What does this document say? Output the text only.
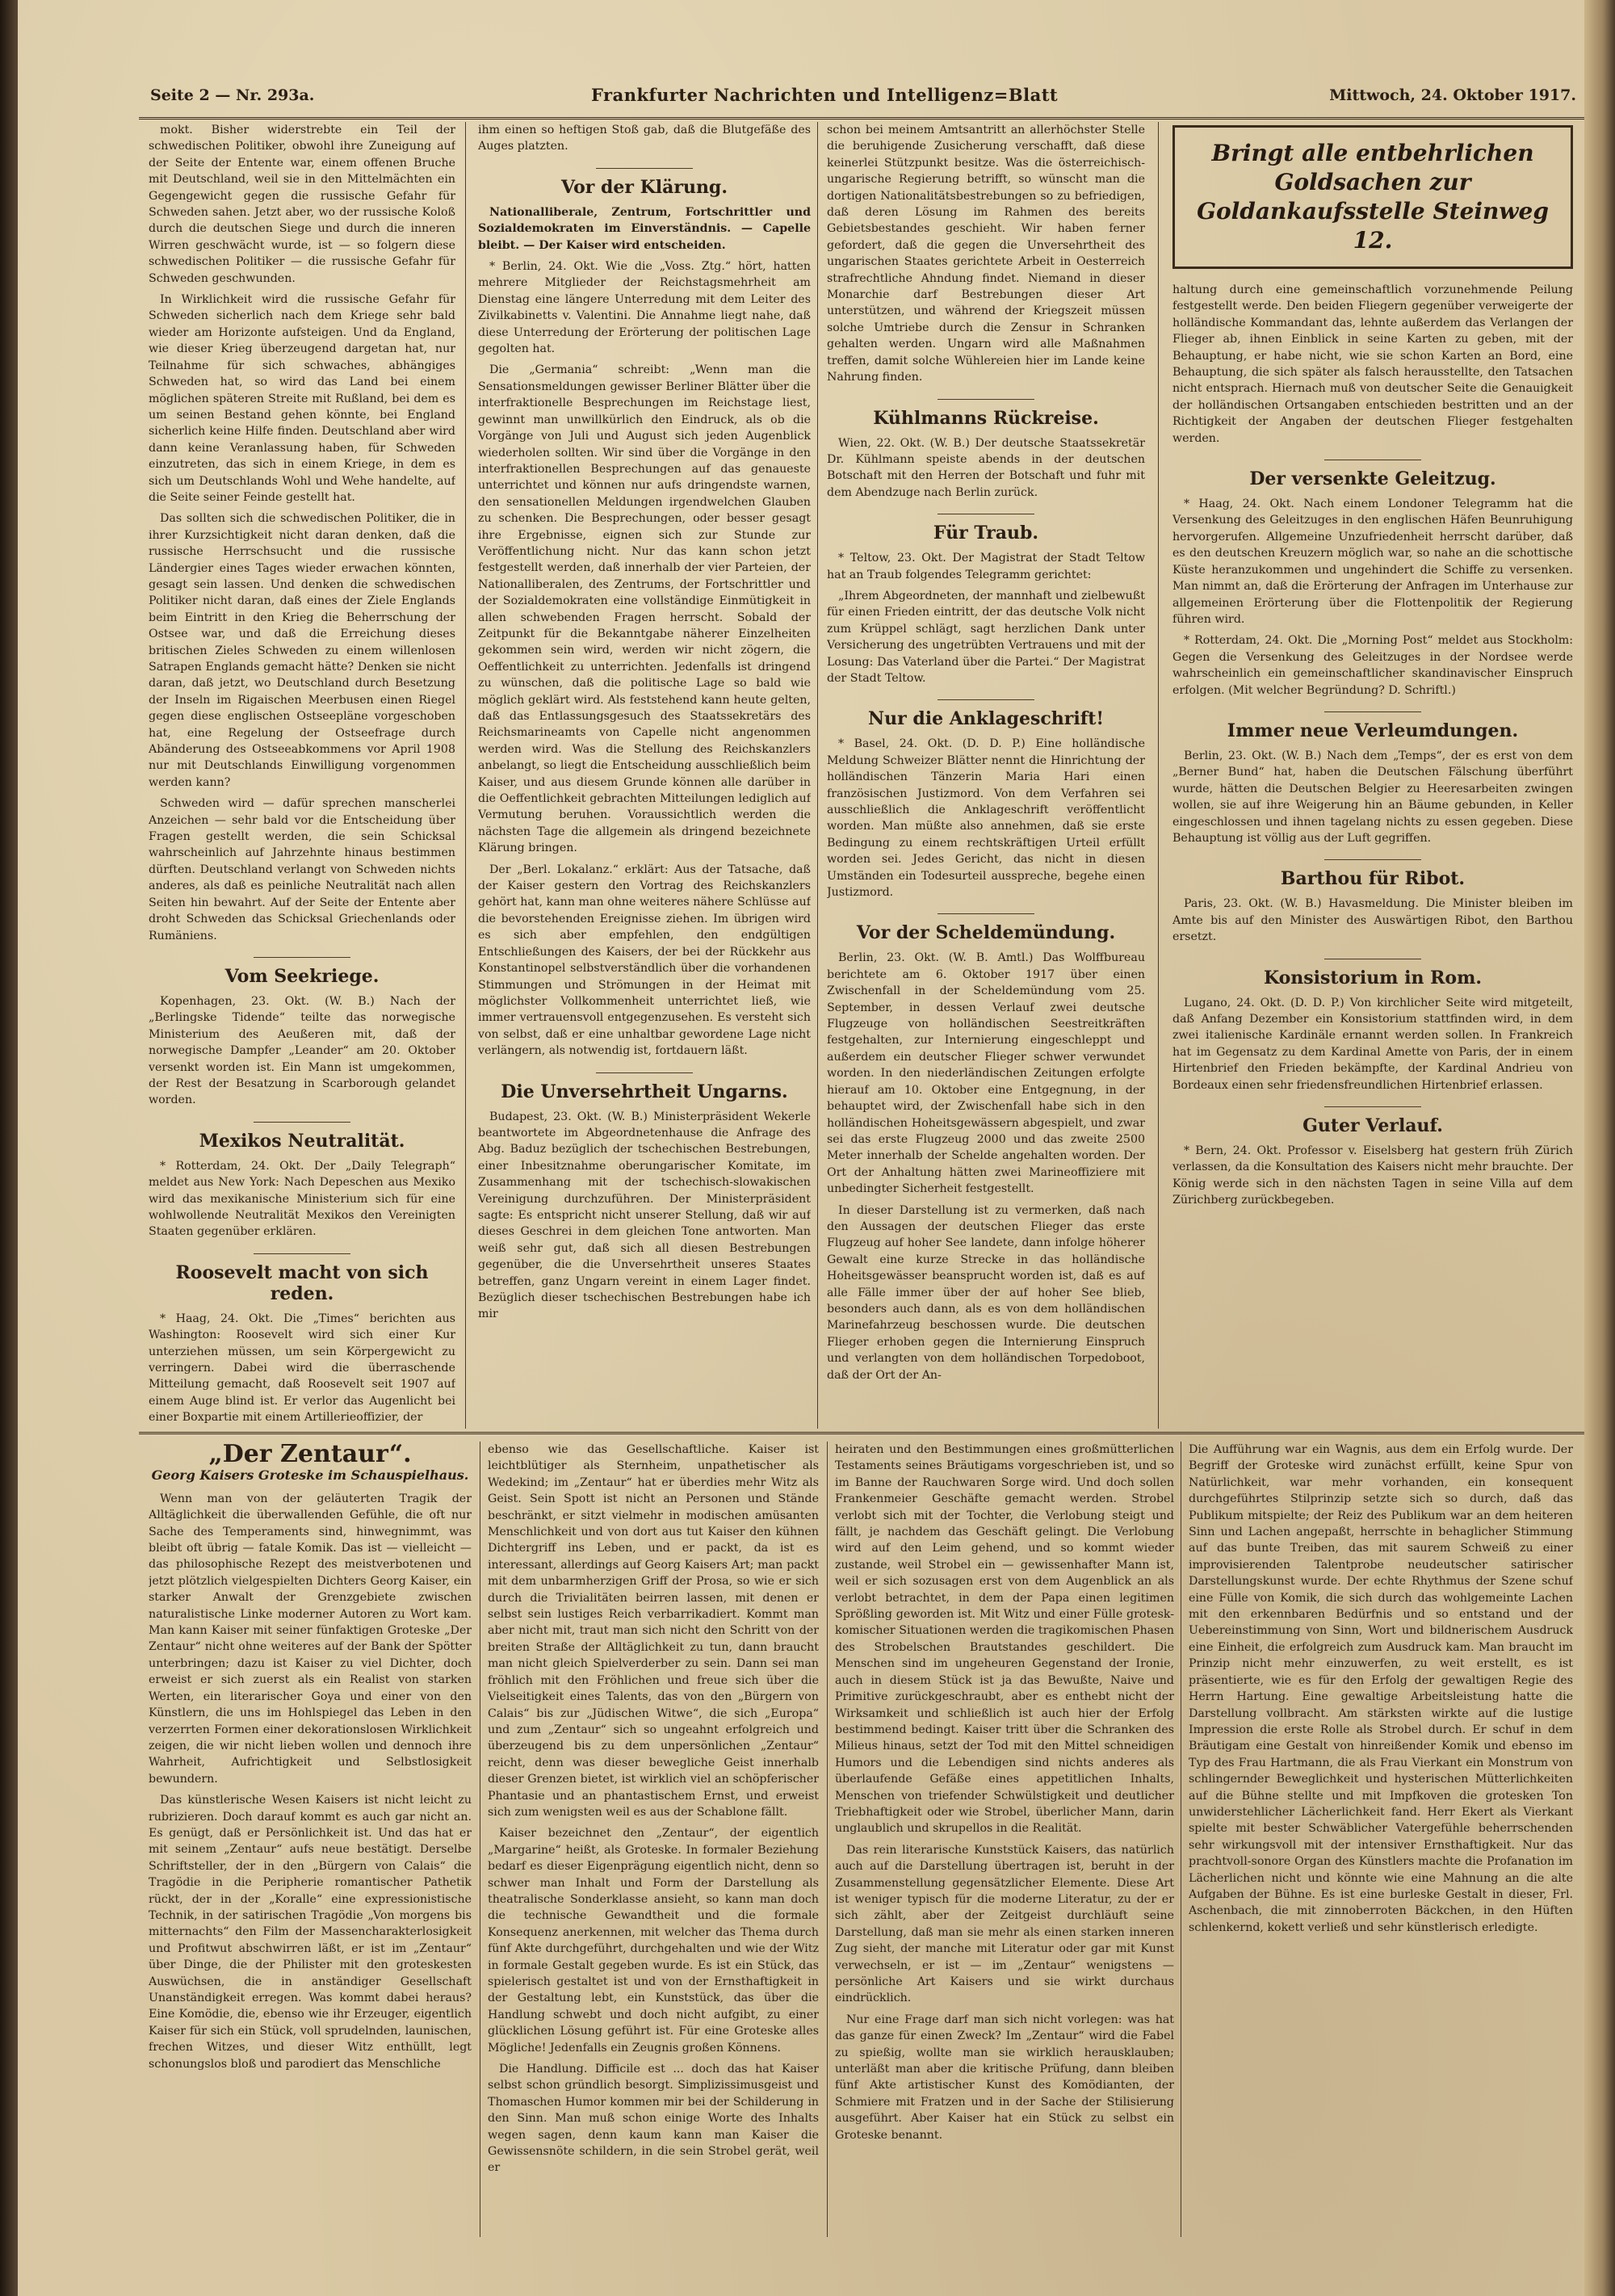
Seite 2 — Nr. 293a.	Frankfurter Nachrichten und Intelligenz=Blatt	Mittwoch, 24. Oktober 1917.

mokt. Bisher widerstrebte ein Teil der schwedischen Politiker, obwohl ihre Zuneigung auf der Seite der Entente war, einem offenen Bruche mit Deutschland, weil sie in den Mittelmächten ein Gegengewicht gegen die russische Gefahr für Schweden sahen. Jetzt aber, wo der russische Koloß durch die deutschen Siege und durch die inneren Wirren geschwächt wurde, ist — so folgern diese schwedischen Politiker — die russische Gefahr für Schweden geschwunden.

In Wirklichkeit wird die russische Gefahr für Schweden sicherlich nach dem Kriege sehr bald wieder am Horizonte aufsteigen. Und da England, wie dieser Krieg überzeugend dargetan hat, nur Teilnahme für sich schwaches, abhängiges Schweden hat, so wird das Land bei einem möglichen späteren Streite mit Rußland, bei dem es um seinen Bestand gehen könnte, bei England sicherlich keine Hilfe finden. Deutschland aber wird dann keine Veranlassung haben, für Schweden einzutreten, das sich in einem Kriege, in dem es sich um Deutschlands Wohl und Wehe handelte, auf die Seite seiner Feinde gestellt hat.

Das sollten sich die schwedischen Politiker, die in ihrer Kurzsichtigkeit nicht daran denken, daß die russische Herrschsucht und die russische Ländergier eines Tages wieder erwachen könnten, gesagt sein lassen. Und denken die schwedischen Politiker nicht daran, daß eines der Ziele Englands beim Eintritt in den Krieg die Beherrschung der Ostsee war, und daß die Erreichung dieses britischen Zieles Schweden zu einem willenlosen Satrapen Englands gemacht hätte? Denken sie nicht daran, daß jetzt, wo Deutschland durch Besetzung der Inseln im Rigaischen Meerbusen einen Riegel gegen diese englischen Ostseepläne vorgeschoben hat, eine Regelung der Ostseefrage durch Abänderung des Ostseeabkommens vor April 1908 nur mit Deutschlands Einwilligung vorgenommen werden kann?

Schweden wird — dafür sprechen manscherlei Anzeichen — sehr bald vor die Entscheidung über Fragen gestellt werden, die sein Schicksal wahrscheinlich auf Jahrzehnte hinaus bestimmen dürften. Deutschland verlangt von Schweden nichts anderes, als daß es peinliche Neutralität nach allen Seiten hin bewahrt. Auf der Seite der Entente aber droht Schweden das Schicksal Griechenlands oder Rumäniens.

Vom Seekriege.

Kopenhagen, 23. Okt. (W. B.) Nach der „Berlingske Tidende“ teilte das norwegische Ministerium des Aeußeren mit, daß der norwegische Dampfer „Leander“ am 20. Oktober versenkt worden ist. Ein Mann ist umgekommen, der Rest der Besatzung in Scarborough gelandet worden.

Mexikos Neutralität.

* Rotterdam, 24. Okt. Der „Daily Telegraph“ meldet aus New York: Nach Depeschen aus Mexiko wird das mexikanische Ministerium sich für eine wohlwollende Neutralität Mexikos den Vereinigten Staaten gegenüber erklären.

Roosevelt macht von sich reden.

* Haag, 24. Okt. Die „Times“ berichten aus Washington: Roosevelt wird sich einer Kur unterziehen müssen, um sein Körpergewicht zu verringern. Dabei wird die überraschende Mitteilung gemacht, daß Roosevelt seit 1907 auf einem Auge blind ist. Er verlor das Augenlicht bei einer Boxpartie mit einem Artillerieoffizier, der

ihm einen so heftigen Stoß gab, daß die Blutgefäße des Auges platzten.

Vor der Klärung.

Nationalliberale, Zentrum, Fortschrittler und Sozialdemokraten im Einverständnis. — Capelle bleibt. — Der Kaiser wird entscheiden.

* Berlin, 24. Okt. Wie die „Voss. Ztg.“ hört, hatten mehrere Mitglieder der Reichstagsmehrheit am Dienstag eine längere Unterredung mit dem Leiter des Zivilkabinetts v. Valentini. Die Annahme liegt nahe, daß diese Unterredung der Erörterung der politischen Lage gegolten hat.

Die „Germania“ schreibt: „Wenn man die Sensationsmeldungen gewisser Berliner Blätter über die interfraktionelle Besprechungen im Reichstage liest, gewinnt man unwillkürlich den Eindruck, als ob die Vorgänge von Juli und August sich jeden Augenblick wiederholen sollten. Wir sind über die Vorgänge in den interfraktionellen Besprechungen auf das genaueste unterrichtet und können nur aufs dringendste warnen, den sensationellen Meldungen irgendwelchen Glauben zu schenken. Die Besprechungen, oder besser gesagt ihre Ergebnisse, eignen sich zur Stunde zur Veröffentlichung nicht. Nur das kann schon jetzt festgestellt werden, daß innerhalb der vier Parteien, der Nationalliberalen, des Zentrums, der Fortschrittler und der Sozialdemokraten eine vollständige Einmütigkeit in allen schwebenden Fragen herrscht. Sobald der Zeitpunkt für die Bekanntgabe näherer Einzelheiten gekommen sein wird, werden wir nicht zögern, die Oeffentlichkeit zu unterrichten. Jedenfalls ist dringend zu wünschen, daß die politische Lage so bald wie möglich geklärt wird. Als feststehend kann heute gelten, daß das Entlassungsgesuch des Staatssekretärs des Reichsmarineamts von Capelle nicht angenommen werden wird. Was die Stellung des Reichskanzlers anbelangt, so liegt die Entscheidung ausschließlich beim Kaiser, und aus diesem Grunde können alle darüber in die Oeffentlichkeit gebrachten Mitteilungen lediglich auf Vermutung beruhen. Voraussichtlich werden die nächsten Tage die allgemein als dringend bezeichnete Klärung bringen.

Der „Berl. Lokalanz.“ erklärt: Aus der Tatsache, daß der Kaiser gestern den Vortrag des Reichskanzlers gehört hat, kann man ohne weiteres nähere Schlüsse auf die bevorstehenden Ereignisse ziehen. Im übrigen wird es sich aber empfehlen, den endgültigen Entschließungen des Kaisers, der bei der Rückkehr aus Konstantinopel selbstverständlich über die vorhandenen Stimmungen und Strömungen in der Heimat mit möglichster Vollkommenheit unterrichtet ließ, wie immer vertrauensvoll entgegenzusehen. Es versteht sich von selbst, daß er eine unhaltbar gewordene Lage nicht verlängern, als notwendig ist, fortdauern läßt.

Die Unversehrtheit Ungarns.

Budapest, 23. Okt. (W. B.) Ministerpräsident Wekerle beantwortete im Abgeordnetenhause die Anfrage des Abg. Baduz bezüglich der tschechischen Bestrebungen, einer Inbesitznahme oberungarischer Komitate, im Zusammenhang mit der tschechisch-slowakischen Vereinigung durchzuführen. Der Ministerpräsident sagte: Es entspricht nicht unserer Stellung, daß wir auf dieses Geschrei in dem gleichen Tone antworten. Man weiß sehr gut, daß sich all diesen Bestrebungen gegenüber, die die Unversehrtheit unseres Staates betreffen, ganz Ungarn vereint in einem Lager findet. Bezüglich dieser tschechischen Bestrebungen habe ich mir

schon bei meinem Amtsantritt an allerhöchster Stelle die beruhigende Zusicherung verschafft, daß diese keinerlei Stützpunkt besitze. Was die österreichisch-ungarische Regierung betrifft, so wünscht man die dortigen Nationalitätsbestrebungen so zu befriedigen, daß deren Lösung im Rahmen des bereits Gebietsbestandes geschieht. Wir haben ferner gefordert, daß die gegen die Unversehrtheit des ungarischen Staates gerichtete Arbeit in Oesterreich strafrechtliche Ahndung findet. Niemand in dieser Monarchie darf Bestrebungen dieser Art unterstützen, und während der Kriegszeit müssen solche Umtriebe durch die Zensur in Schranken gehalten werden. Ungarn wird alle Maßnahmen treffen, damit solche Wühlereien hier im Lande keine Nahrung finden.

Kühlmanns Rückreise.

Wien, 22. Okt. (W. B.) Der deutsche Staatssekretär Dr. Kühlmann speiste abends in der deutschen Botschaft mit den Herren der Botschaft und fuhr mit dem Abendzuge nach Berlin zurück.

Für Traub.

* Teltow, 23. Okt. Der Magistrat der Stadt Teltow hat an Traub folgendes Telegramm gerichtet:

„Ihrem Abgeordneten, der mannhaft und zielbewußt für einen Frieden eintritt, der das deutsche Volk nicht zum Krüppel schlägt, sagt herzlichen Dank unter Versicherung des ungetrübten Vertrauens und mit der Losung: Das Vaterland über die Partei.“ Der Magistrat der Stadt Teltow.

Nur die Anklageschrift!

* Basel, 24. Okt. (D. D. P.) Eine holländische Meldung Schweizer Blätter nennt die Hinrichtung der holländischen Tänzerin Maria Hari einen französischen Justizmord. Von dem Verfahren sei ausschließlich die Anklageschrift veröffentlicht worden. Man müßte also annehmen, daß sie erste Bedingung zu einem rechtskräftigen Urteil erfüllt worden sei. Jedes Gericht, das nicht in diesen Umständen ein Todesurteil ausspreche, begehe einen Justizmord.

Vor der Scheldemündung.

Berlin, 23. Okt. (W. B. Amtl.) Das Wolffbureau berichtete am 6. Oktober 1917 über einen Zwischenfall in der Scheldemündung vom 25. September, in dessen Verlauf zwei deutsche Flugzeuge von holländischen Seestreitkräften festgehalten, zur Internierung eingeschleppt und außerdem ein deutscher Flieger schwer verwundet worden. In den niederländischen Zeitungen erfolgte hierauf am 10. Oktober eine Entgegnung, in der behauptet wird, der Zwischenfall habe sich in den holländischen Hoheitsgewässern abgespielt, und zwar sei das erste Flugzeug 2000 und das zweite 2500 Meter innerhalb der Schelde angehalten worden. Der Ort der Anhaltung hätten zwei Marineoffiziere mit unbedingter Sicherheit festgestellt.

In dieser Darstellung ist zu vermerken, daß nach den Aussagen der deutschen Flieger das erste Flugzeug auf hoher See landete, dann infolge höherer Gewalt eine kurze Strecke in das holländische Hoheitsgewässer beansprucht worden ist, daß es auf alle Fälle immer über der auf hoher See blieb, besonders auch dann, als es von dem holländischen Marinefahrzeug beschossen wurde. Die deutschen Flieger erhoben gegen die Internierung Einspruch und verlangten von dem holländischen Torpedoboot, daß der Ort der An-

Bringt alle entbehrlichen Goldsachen zur Goldankaufsstelle Steinweg 12.

haltung durch eine gemeinschaftlich vorzunehmende Peilung festgestellt werde. Den beiden Fliegern gegenüber verweigerte der holländische Kommandant das, lehnte außerdem das Verlangen der Flieger ab, ihnen Einblick in seine Karten zu geben, mit der Behauptung, er habe nicht, wie sie schon Karten an Bord, eine Behauptung, die sich später als falsch herausstellte, den Tatsachen nicht entsprach. Hiernach muß von deutscher Seite die Genauigkeit der holländischen Ortsangaben entschieden bestritten und an der Richtigkeit der Angaben der deutschen Flieger festgehalten werden.

Der versenkte Geleitzug.

* Haag, 24. Okt. Nach einem Londoner Telegramm hat die Versenkung des Geleitzuges in den englischen Häfen Beunruhigung hervorgerufen. Allgemeine Unzufriedenheit herrscht darüber, daß es den deutschen Kreuzern möglich war, so nahe an die schottische Küste heranzukommen und ungehindert die Schiffe zu versenken. Man nimmt an, daß die Erörterung der Anfragen im Unterhause zur allgemeinen Erörterung über die Flottenpolitik der Regierung führen wird.

* Rotterdam, 24. Okt. Die „Morning Post“ meldet aus Stockholm: Gegen die Versenkung des Geleitzuges in der Nordsee werde wahrscheinlich ein gemeinschaftlicher skandinavischer Einspruch erfolgen. (Mit welcher Begründung? D. Schriftl.)

Immer neue Verleumdungen.

Berlin, 23. Okt. (W. B.) Nach dem „Temps“, der es erst von dem „Berner Bund“ hat, haben die Deutschen Fälschung überführt wurde, hätten die Deutschen Belgier zu Heeresarbeiten zwingen wollen, sie auf ihre Weigerung hin an Bäume gebunden, in Keller eingeschlossen und ihnen tagelang nichts zu essen gegeben. Diese Behauptung ist völlig aus der Luft gegriffen.

Barthou für Ribot.

Paris, 23. Okt. (W. B.) Havasmeldung. Die Minister bleiben im Amte bis auf den Minister des Auswärtigen Ribot, den Barthou ersetzt.

Konsistorium in Rom.

Lugano, 24. Okt. (D. D. P.) Von kirchlicher Seite wird mitgeteilt, daß Anfang Dezember ein Konsistorium stattfinden wird, in dem zwei italienische Kardinäle ernannt werden sollen. In Frankreich hat im Gegensatz zu dem Kardinal Amette von Paris, der in einem Hirtenbrief den Frieden bekämpfte, der Kardinal Andrieu von Bordeaux einen sehr friedensfreundlichen Hirtenbrief erlassen.

Guter Verlauf.

* Bern, 24. Okt. Professor v. Eiselsberg hat gestern früh Zürich verlassen, da die Konsultation des Kaisers nicht mehr brauchte. Der König werde sich in den nächsten Tagen in seine Villa auf dem Zürichberg zurückbegeben.

„Der Zentaur“.
Georg Kaisers Groteske im Schauspielhaus.

Wenn man von der geläuterten Tragik der Alltäglichkeit die überwallenden Gefühle, die oft nur Sache des Temperaments sind, hinwegnimmt, was bleibt oft übrig — fatale Komik. Das ist — vielleicht — das philosophische Rezept des meistverbotenen und jetzt plötzlich vielgespielten Dichters Georg Kaiser, ein starker Anwalt der Grenzgebiete zwischen naturalistische Linke moderner Autoren zu Wort kam. Man kann Kaiser mit seiner fünfaktigen Groteske „Der Zentaur“ nicht ohne weiteres auf der Bank der Spötter unterbringen; dazu ist Kaiser zu viel Dichter, doch erweist er sich zuerst als ein Realist von starken Werten, ein literarischer Goya und einer von den Künstlern, die uns im Hohlspiegel das Leben in den verzerrten Formen einer dekorationslosen Wirklichkeit zeigen, die wir nicht lieben wollen und dennoch ihre Wahrheit, Aufrichtigkeit und Selbstlosigkeit bewundern.

Das künstlerische Wesen Kaisers ist nicht leicht zu rubrizieren. Doch darauf kommt es auch gar nicht an. Es genügt, daß er Persönlichkeit ist. Und das hat er mit seinem „Zentaur“ aufs neue bestätigt. Derselbe Schriftsteller, der in den „Bürgern von Calais“ die Tragödie in die Peripherie romantischer Pathetik rückt, der in der „Koralle“ eine expressionistische Technik, in der satirischen Tragödie „Von morgens bis mitternachts“ den Film der Massencharakterlosigkeit und Profitwut abschwirren läßt, er ist im „Zentaur“ über Dinge, die der Philister mit den groteskesten Auswüchsen, die in anständiger Gesellschaft Unanständigkeit erregen. Was kommt dabei heraus? Eine Komödie, die, ebenso wie ihr Erzeuger, eigentlich Kaiser für sich ein Stück, voll sprudelnden, launischen, frechen Witzes, und dieser Witz enthüllt, legt schonungslos bloß und parodiert das Menschliche

ebenso wie das Gesellschaftliche. Kaiser ist leichtblütiger als Sternheim, unpathetischer als Wedekind; im „Zentaur“ hat er überdies mehr Witz als Geist. Sein Spott ist nicht an Personen und Stände beschränkt, er sitzt vielmehr in modischen amüsanten Menschlichkeit und von dort aus tut Kaiser den kühnen Dichtergriff ins Leben, und er packt, da ist es interessant, allerdings auf Georg Kaisers Art; man packt mit dem unbarmherzigen Griff der Prosa, so wie er sich durch die Trivialitäten beirren lassen, mit denen er selbst sein lustiges Reich verbarrikadiert. Kommt man aber nicht mit, traut man sich nicht den Schritt von der breiten Straße der Alltäglichkeit zu tun, dann braucht man nicht gleich Spielverderber zu sein. Dann sei man fröhlich mit den Fröhlichen und freue sich über die Vielseitigkeit eines Talents, das von den „Bürgern von Calais“ bis zur „Jüdischen Witwe“, die sich „Europa“ und zum „Zentaur“ sich so ungeahnt erfolgreich und überzeugend bis zu dem unpersönlichen „Zentaur“ reicht, denn was dieser bewegliche Geist innerhalb dieser Grenzen bietet, ist wirklich viel an schöpferischer Phantasie und an phantastischem Ernst, und erweist sich zum wenigsten weil es aus der Schablone fällt.

Kaiser bezeichnet den „Zentaur“, der eigentlich „Margarine“ heißt, als Groteske. In formaler Beziehung bedarf es dieser Eigenprägung eigentlich nicht, denn so schwer man Inhalt und Form der Darstellung als theatralische Sonderklasse ansieht, so kann man doch die technische Gewandtheit und die formale Konsequenz anerkennen, mit welcher das Thema durch fünf Akte durchgeführt, durchgehalten und wie der Witz in formale Gestalt gegeben wurde. Es ist ein Stück, das spielerisch gestaltet ist und von der Ernsthaftigkeit in der Gestaltung lebt, ein Kunststück, das über die Handlung schwebt und doch nicht aufgibt, zu einer glücklichen Lösung geführt ist. Für eine Groteske alles Mögliche! Jedenfalls ein Zeugnis großen Könnens.

Die Handlung. Difficile est ... doch das hat Kaiser selbst schon gründlich besorgt. Simplizissimusgeist und Thomaschen Humor kommen mir bei der Schilderung in den Sinn. Man muß schon einige Worte des Inhalts wegen sagen, denn kaum kann man Kaiser die Gewissensnöte schildern, in die sein Strobel gerät, weil er

heiraten und den Bestimmungen eines großmütterlichen Testaments seines Bräutigams vorgeschrieben ist, und so im Banne der Rauchwaren Sorge wird. Und doch sollen Frankenmeier Geschäfte gemacht werden. Strobel verlobt sich mit der Tochter, die Verlobung steigt und fällt, je nachdem das Geschäft gelingt. Die Verlobung wird auf den Leim gehend, und so kommt wieder zustande, weil Strobel ein — gewissenhafter Mann ist, weil er sich sozusagen erst von dem Augenblick an als verlobt betrachtet, in dem der Papa einen legitimen Sprößling geworden ist. Mit Witz und einer Fülle grotesk-komischer Situationen werden die tragikomischen Phasen des Strobelschen Brautstandes geschildert. Die Menschen sind im ungeheuren Gegenstand der Ironie, auch in diesem Stück ist ja das Bewußte, Naive und Primitive zurückgeschraubt, aber es enthebt nicht der Wirksamkeit und schließlich ist auch hier der Erfolg bestimmend bedingt. Kaiser tritt über die Schranken des Milieus hinaus, setzt der Tod mit den Mittel schneidigen Humors und die Lebendigen sind nichts anderes als überlaufende Gefäße eines appetitlichen Inhalts, Menschen von triefender Schwülstigkeit und deutlicher Triebhaftigkeit oder wie Strobel, überlicher Mann, darin unglaublich und skrupellos in die Realität.

Das rein literarische Kunststück Kaisers, das natürlich auch auf die Darstellung übertragen ist, beruht in der Zusammenstellung gegensätzlicher Elemente. Diese Art ist weniger typisch für die moderne Literatur, zu der er sich zählt, aber der Zeitgeist durchläuft seine Darstellung, daß man sie mehr als einen starken inneren Zug sieht, der manche mit Literatur oder gar mit Kunst verwechseln, er ist — im „Zentaur“ wenigstens — persönliche Art Kaisers und sie wirkt durchaus eindrücklich.

Nur eine Frage darf man sich nicht vorlegen: was hat das ganze für einen Zweck? Im „Zentaur“ wird die Fabel zu spießig, wollte man sie wirklich herausklauben; unterläßt man aber die kritische Prüfung, dann bleiben fünf Akte artistischer Kunst des Komödianten, der Schmiere mit Fratzen und in der Sache der Stilisierung ausgeführt. Aber Kaiser hat ein Stück zu selbst ein Groteske benannt.

Die Aufführung war ein Wagnis, aus dem ein Erfolg wurde. Der Begriff der Groteske wird zunächst erfüllt, keine Spur von Natürlichkeit, war mehr vorhanden, ein konsequent durchgeführtes Stilprinzip setzte sich so durch, daß das Publikum mitspielte; der Reiz des Publikum war an dem heiteren Sinn und Lachen angepaßt, herrschte in behaglicher Stimmung auf das bunte Treiben, das mit saurem Schweiß zu einer improvisierenden Talentprobe neudeutscher satirischer Darstellungskunst wurde. Der echte Rhythmus der Szene schuf eine Fülle von Komik, die sich durch das wohlgemeinte Lachen mit den erkennbaren Bedürfnis und so entstand und der Uebereinstimmung von Sinn, Wort und bildnerischem Ausdruck eine Einheit, die erfolgreich zum Ausdruck kam. Man braucht im Prinzip nicht mehr einzuwerfen, zu weit erstellt, es ist präsentierte, wie es für den Erfolg der gewaltigen Regie des Herrn Hartung. Eine gewaltige Arbeitsleistung hatte die Darstellung vollbracht. Am stärksten wirkte auf die lustige Impression die erste Rolle als Strobel durch. Er schuf in dem Bräutigam eine Gestalt von hinreißender Komik und ebenso im Typ des Frau Hartmann, die als Frau Vierkant ein Monstrum von schlingernder Beweglichkeit und hysterischen Mütterlichkeiten auf die Bühne stellte und mit Impfkoven die grotesken Ton unwiderstehlicher Lächerlichkeit fand. Herr Ekert als Vierkant spielte mit bester Schwäblicher Vatergefühle beherrschenden sehr wirkungsvoll mit der intensiver Ernsthaftigkeit. Nur das prachtvoll-sonore Organ des Künstlers machte die Profanation im Lächerlichen nicht und könnte wie eine Mahnung an die alte Aufgaben der Bühne. Es ist eine burleske Gestalt in dieser, Frl. Aschenbach, die mit zinnoberroten Bäckchen, in den Hüften schlenkernd, kokett verließ und sehr künstlerisch erledigte.
